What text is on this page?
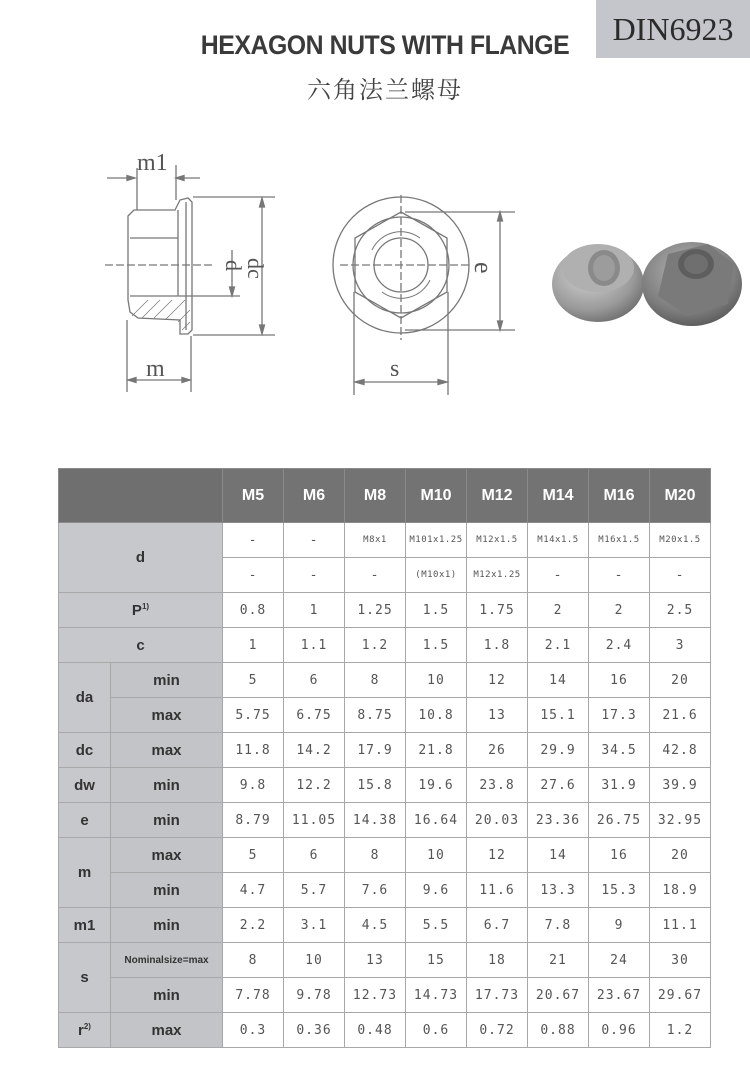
DIN6923
HEXAGON NUTS WITH FLANGE
六角法兰螺母
m1
m
d
dc	e
s
		M5	M6	M8	M10	M12	M14	M16	M20
d		-	-	M8x1	M101x1.25	M12x1.5	M14x1.5	M16x1.5	M20x1.5
		-	-	-	(M10x1)	M12x1.25	-	-	-
$P^{1)}$		0.8	1	1.25	1.5	1.75	2	2	2.5
c		1	1.1	1.2	1.5	1.8	2.1	2.4	3
da	min	5	6	8	10	12	14	16	20
	max	5.75	6.75	8.75	10.8	13	15.1	17.3	21.6
dc	max	11.8	14.2	17.9	21.8	26	29.9	34.5	42.8
dw	min	9.8	12.2	15.8	19.6	23.8	27.6	31.9	39.9
e	min	8.79	11.05	14.38	16.64	20.03	23.36	26.75	32.95
m	max	5	6	8	10	12	14	16	20
	min	4.7	5.7	7.6	9.6	11.6	13.3	15.3	18.9
m1	min	2.2	3.1	4.5	5.5	6.7	7.8	9	11.1
s	Nominalsize=max	8	10	13	15	18	21	24	30
	min	7.78	9.78	12.73	14.73	17.73	20.67	23.67	29.67
$r^{2)}$	max	0.3	0.36	0.48	0.6	0.72	0.88	0.96	1.2
